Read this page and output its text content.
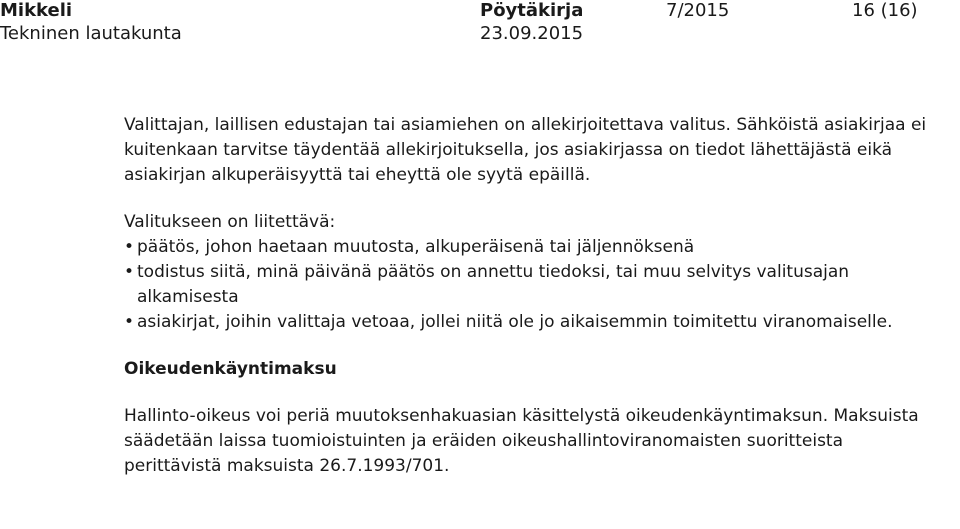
Mikkeli
Tekninen lautakunta
Pöytäkirja
23.09.2015
7/2015	16 (16)

Valittajan, laillisen edustajan tai asiamiehen on allekirjoitettava valitus. Sähköistä asiakirjaa ei kuitenkaan tarvitse täydentää allekirjoituksella, jos asiakirjassa on tiedot lähettäjästä eikä asiakirjan alkuperäisyyttä tai eheyttä ole syytä epäillä.

Valitukseen on liitettävä:

• päätös, johon haetaan muutosta, alkuperäisenä tai jäljennöksenä
• todistus siitä, minä päivänä päätös on annettu tiedoksi, tai muu selvitys valitusajan alkamisesta
• asiakirjat, joihin valittaja vetoaa, jollei niitä ole jo aikaisemmin toimitettu viranomaiselle.

Oikeudenkäyntimaksu

Hallinto-oikeus voi periä muutoksenhakuasian käsittelystä oikeudenkäyntimaksun. Maksuista säädetään laissa tuomioistuinten ja eräiden oikeushallintoviranomaisten suoritteista perittävistä maksuista 26.7.1993/701.
